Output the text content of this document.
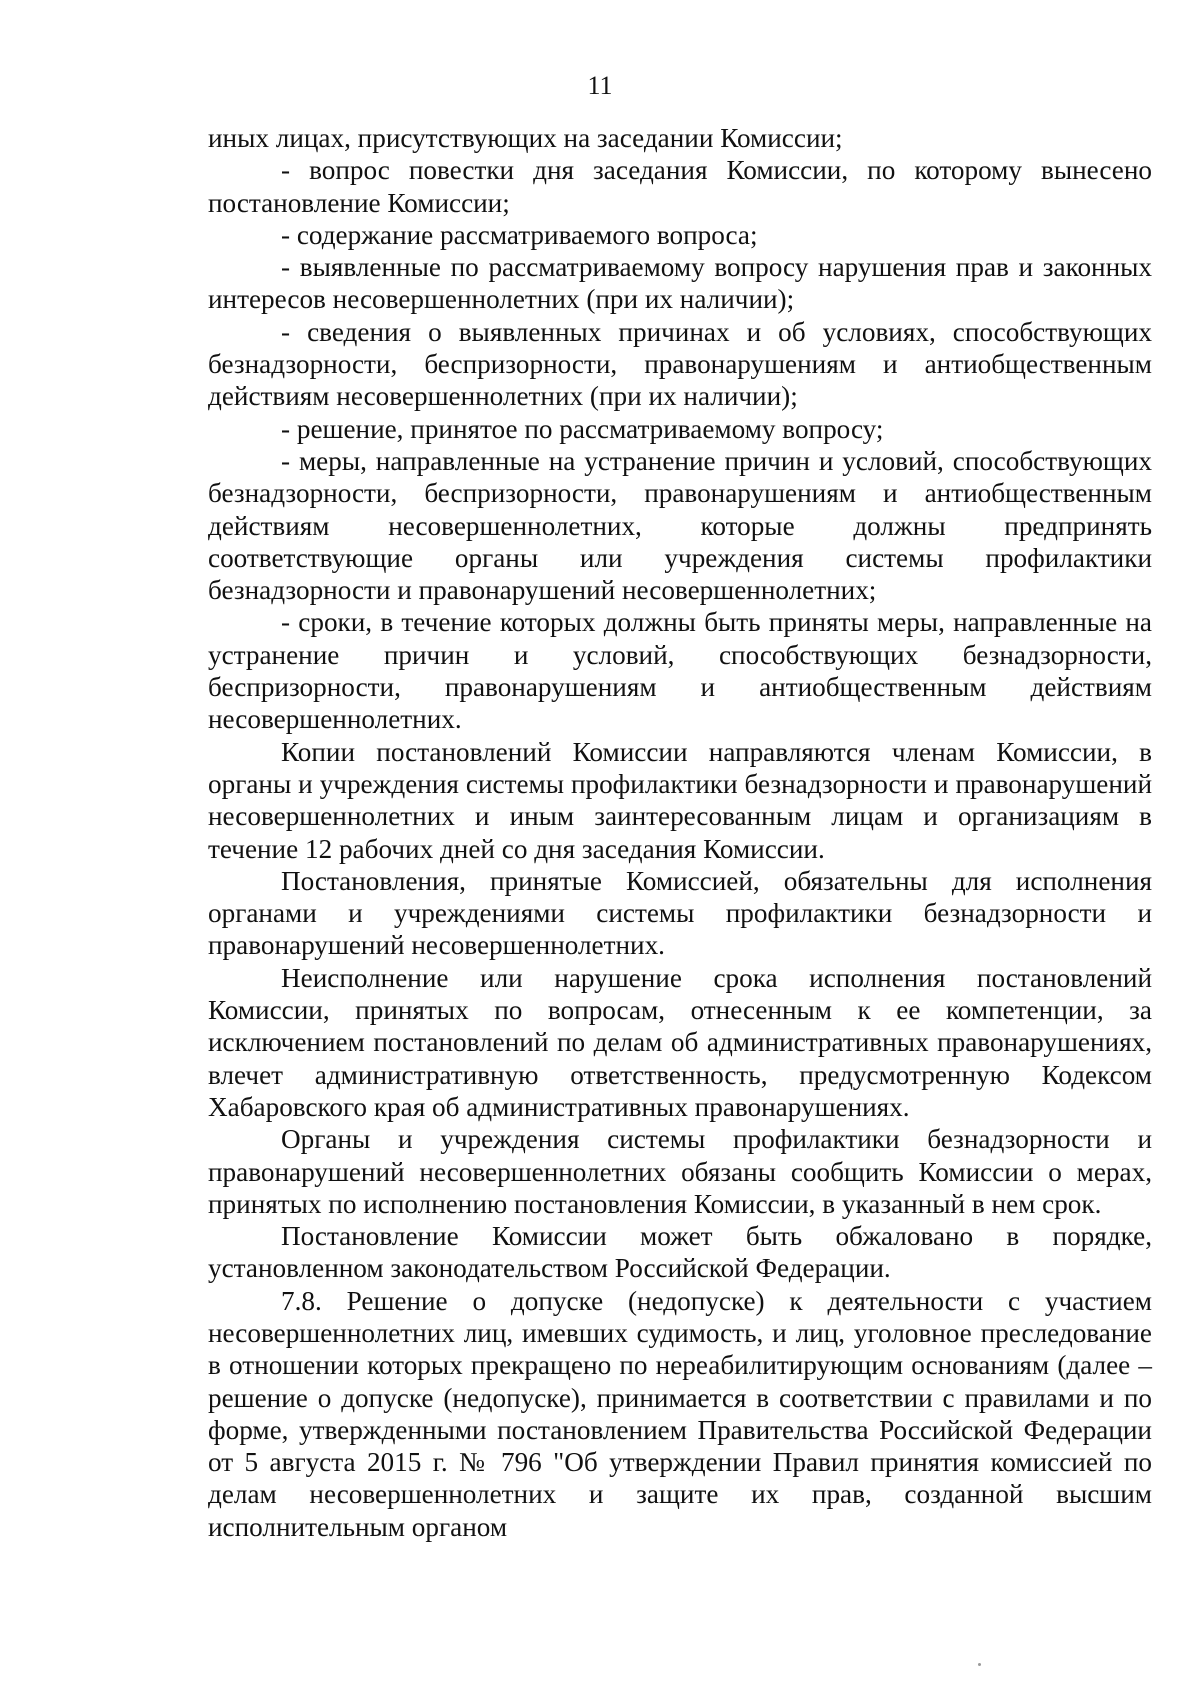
11

иных лицах, присутствующих на заседании Комиссии;

- вопрос повестки дня заседания Комиссии, по которому вынесено постановление Комиссии;

- содержание рассматриваемого вопроса;

- выявленные по рассматриваемому вопросу нарушения прав и законных интересов несовершеннолетних (при их наличии);

- сведения о выявленных причинах и об условиях, способствующих безнадзорности, беспризорности, правонарушениям и антиобщественным действиям несовершеннолетних (при их наличии);

- решение, принятое по рассматриваемому вопросу;

- меры, направленные на устранение причин и условий, способствующих безнадзорности, беспризорности, правонарушениям и антиобщественным действиям несовершеннолетних, которые должны предпринять соответствующие органы или учреждения системы профилактики безнадзорности и правонарушений несовершеннолетних;

- сроки, в течение которых должны быть приняты меры, направленные на устранение причин и условий, способствующих безнадзорности, беспризорности, правонарушениям и антиобщественным действиям несовершеннолетних.

Копии постановлений Комиссии направляются членам Комиссии, в органы и учреждения системы профилактики безнадзорности и правонарушений несовершеннолетних и иным заинтересованным лицам и организациям в течение 12 рабочих дней со дня заседания Комиссии.

Постановления, принятые Комиссией, обязательны для исполнения органами и учреждениями системы профилактики безнадзорности и правонарушений несовершеннолетних.

Неисполнение или нарушение срока исполнения постановлений Комиссии, принятых по вопросам, отнесенным к ее компетенции, за исключением постановлений по делам об административных правонарушениях, влечет административную ответственность, предусмотренную Кодексом Хабаровского края об административных правонарушениях.

Органы и учреждения системы профилактики безнадзорности и правонарушений несовершеннолетних обязаны сообщить Комиссии о мерах, принятых по исполнению постановления Комиссии, в указанный в нем срок.

Постановление Комиссии может быть обжаловано в порядке, установленном законодательством Российской Федерации.

7.8. Решение о допуске (недопуске) к деятельности с участием несовершеннолетних лиц, имевших судимость, и лиц, уголовное преследование в отношении которых прекращено по нереабилитирующим основаниям (далее – решение о допуске (недопуске), принимается в соответствии с правилами и по форме, утвержденными постановлением Правительства Российской Федерации от 5 августа 2015 г. № 796 "Об утверждении Правил принятия комиссией по делам несовершеннолетних и защите их прав, созданной высшим исполнительным органом
